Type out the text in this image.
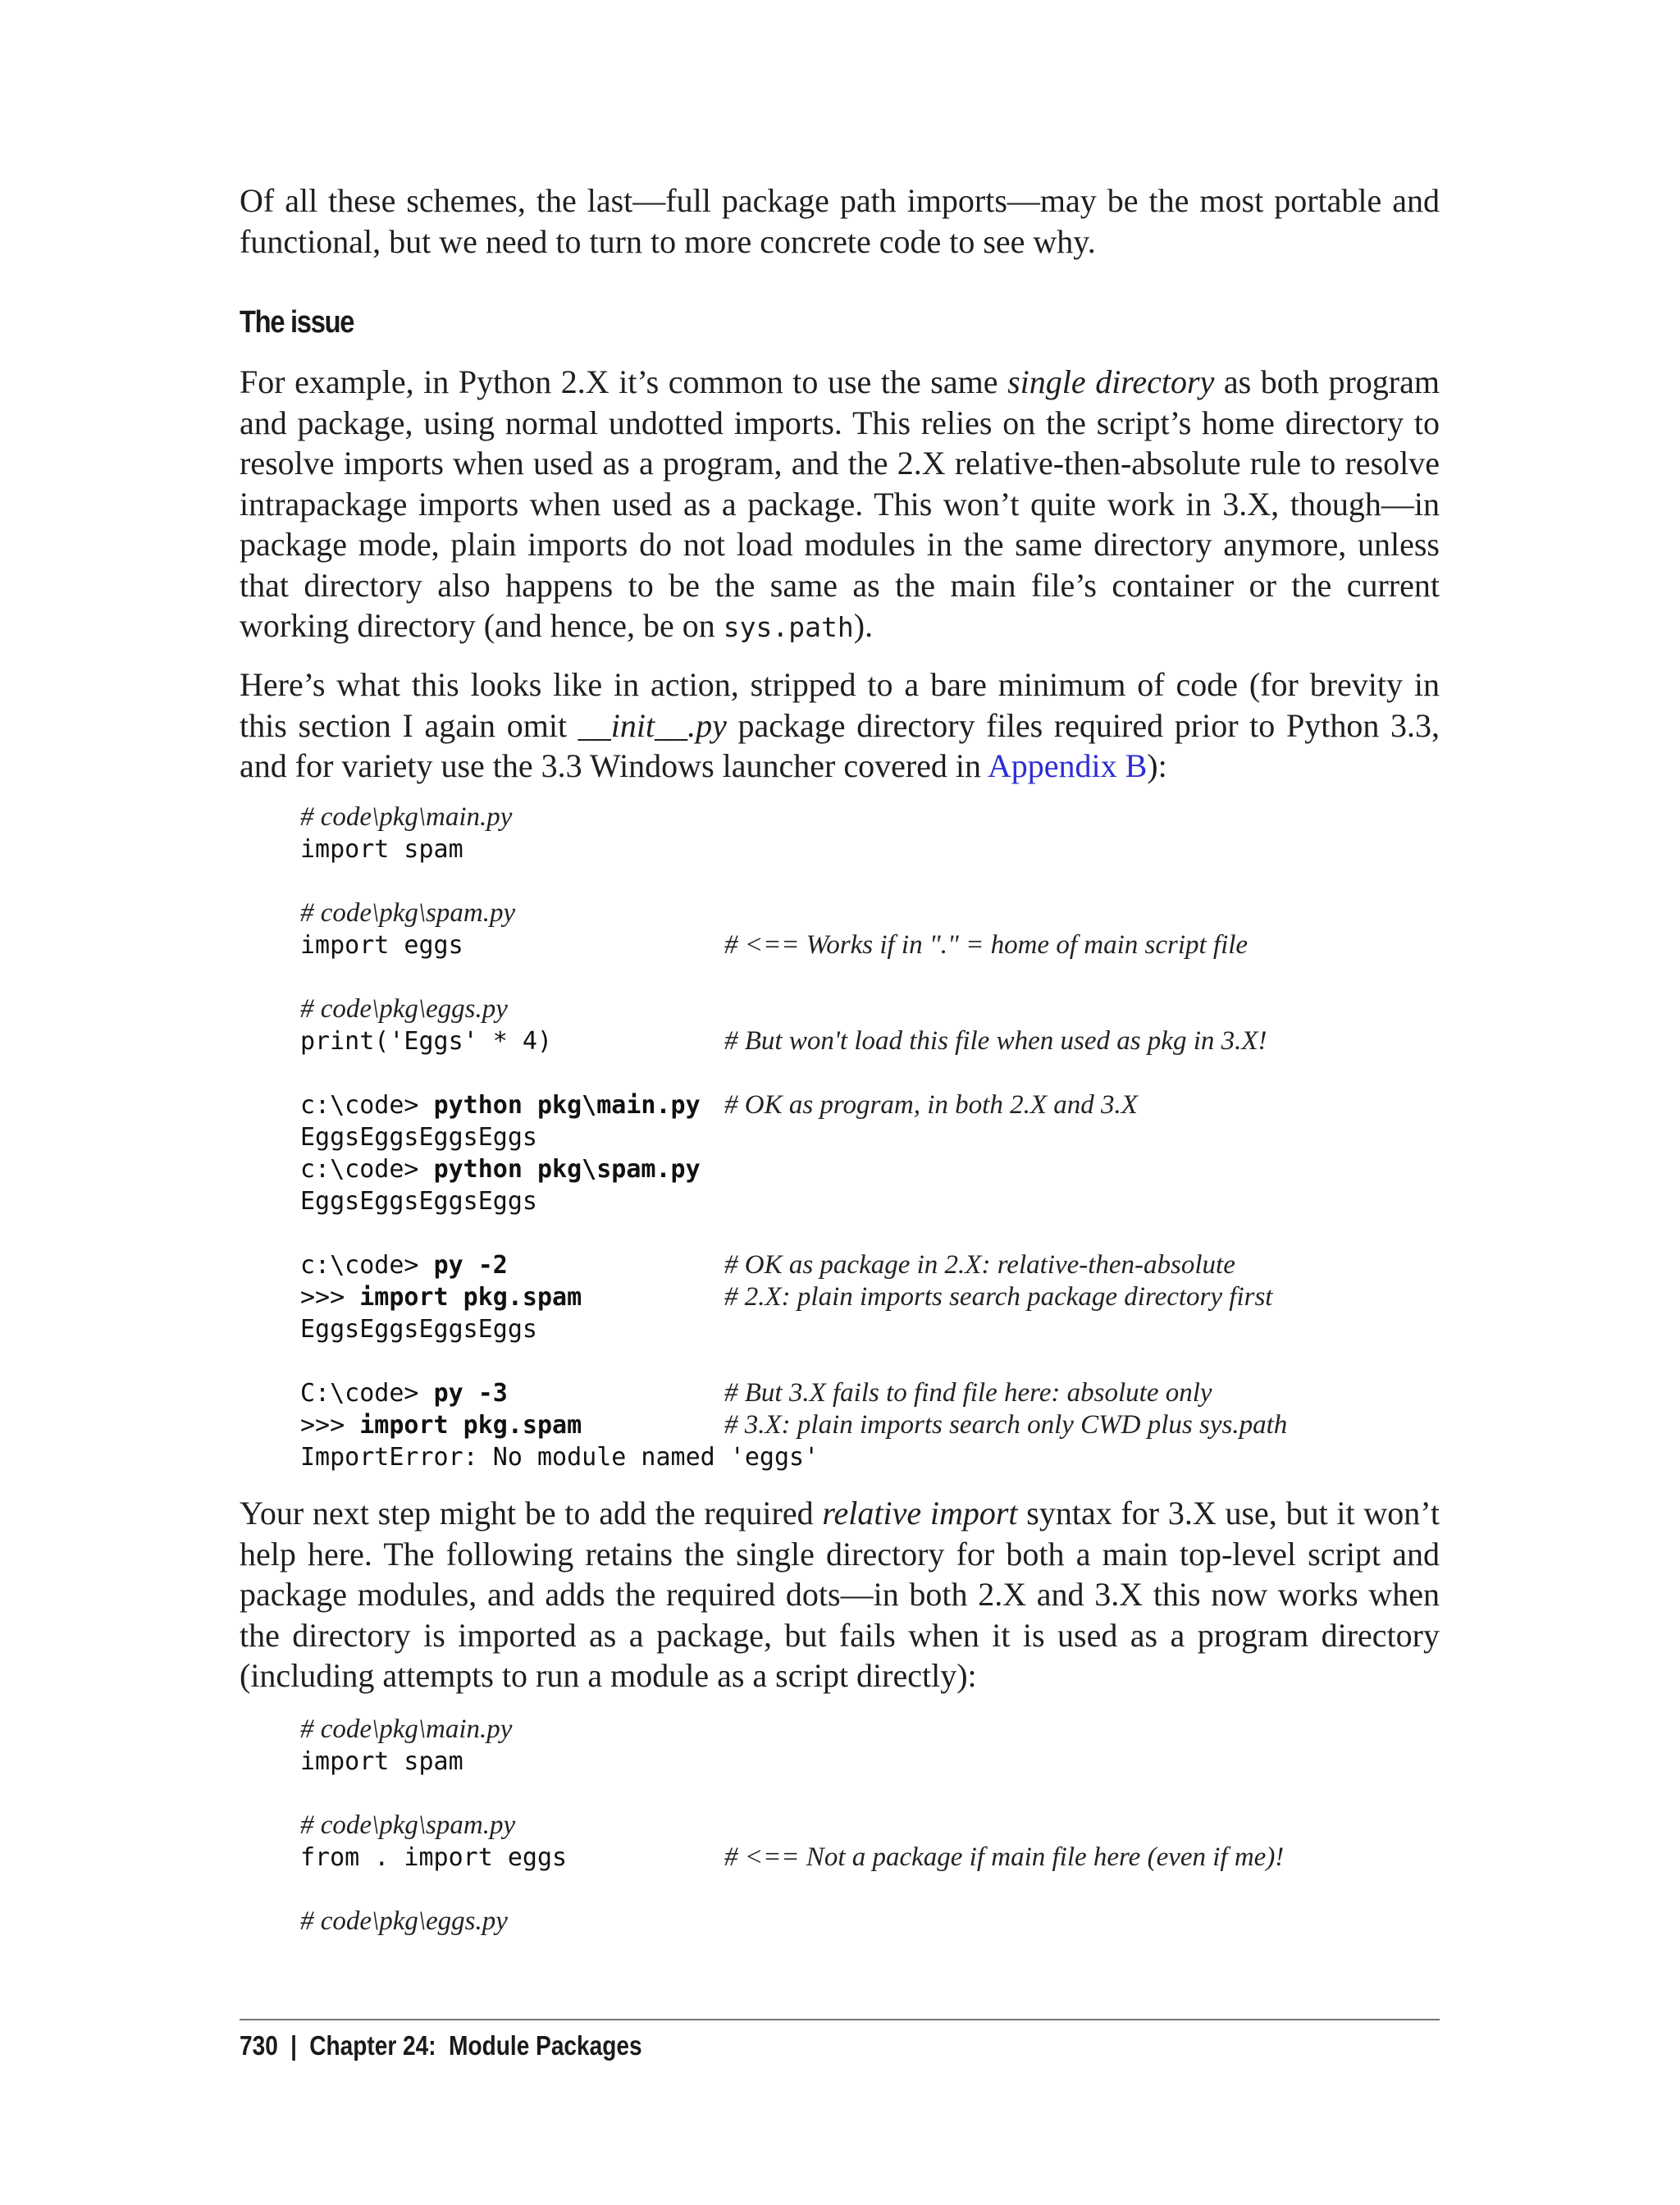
Of all these schemes, the last—full package path imports—may be the most portable and functional, but we need to turn to more concrete code to see why.

The issue

For example, in Python 2.X it’s common to use the same single directory as both program and package, using normal undotted imports. This relies on the script’s home directory to resolve imports when used as a program, and the 2.X relative-then-absolute rule to resolve intrapackage imports when used as a package. This won’t quite work in 3.X, though—in package mode, plain imports do not load modules in the same directory anymore, unless that directory also happens to be the same as the main file’s container or the current working directory (and hence, be on sys.path).

Here’s what this looks like in action, stripped to a bare minimum of code (for brevity in this section I again omit __init__.py package directory files required prior to Python 3.3, and for variety use the 3.3 Windows launcher covered in Appendix B):

# code\pkg\main.py
import spam
# code\pkg\spam.py
import eggs	# <== Works if in "." = home of main script file
# code\pkg\eggs.py
print('Eggs' * 4)	# But won't load this file when used as pkg in 3.X!
c:\code> python pkg\main.py # OK as program, in both 2.X and 3.X
EggsEggsEggsEggs
c:\code> python pkg\spam.py
EggsEggsEggsEggs
c:\code> py -2	# OK as package in 2.X: relative-then-absolute
>>> import pkg.spam	# 2.X: plain imports search package directory first
EggsEggsEggsEggs
C:\code> py -3	# But 3.X fails to find file here: absolute only
>>> import pkg.spam	# 3.X: plain imports search only CWD plus sys.path
ImportError: No module named 'eggs'

Your next step might be to add the required relative import syntax for 3.X use, but it won’t help here. The following retains the single directory for both a main top-level script and package modules, and adds the required dots—in both 2.X and 3.X this now works when the directory is imported as a package, but fails when it is used as a program directory (including attempts to run a module as a script directly):

# code\pkg\main.py
import spam
# code\pkg\spam.py
from . import eggs	# <== Not a package if main file here (even if me)!
# code\pkg\eggs.py
730 | Chapter 24:  Module Packages
